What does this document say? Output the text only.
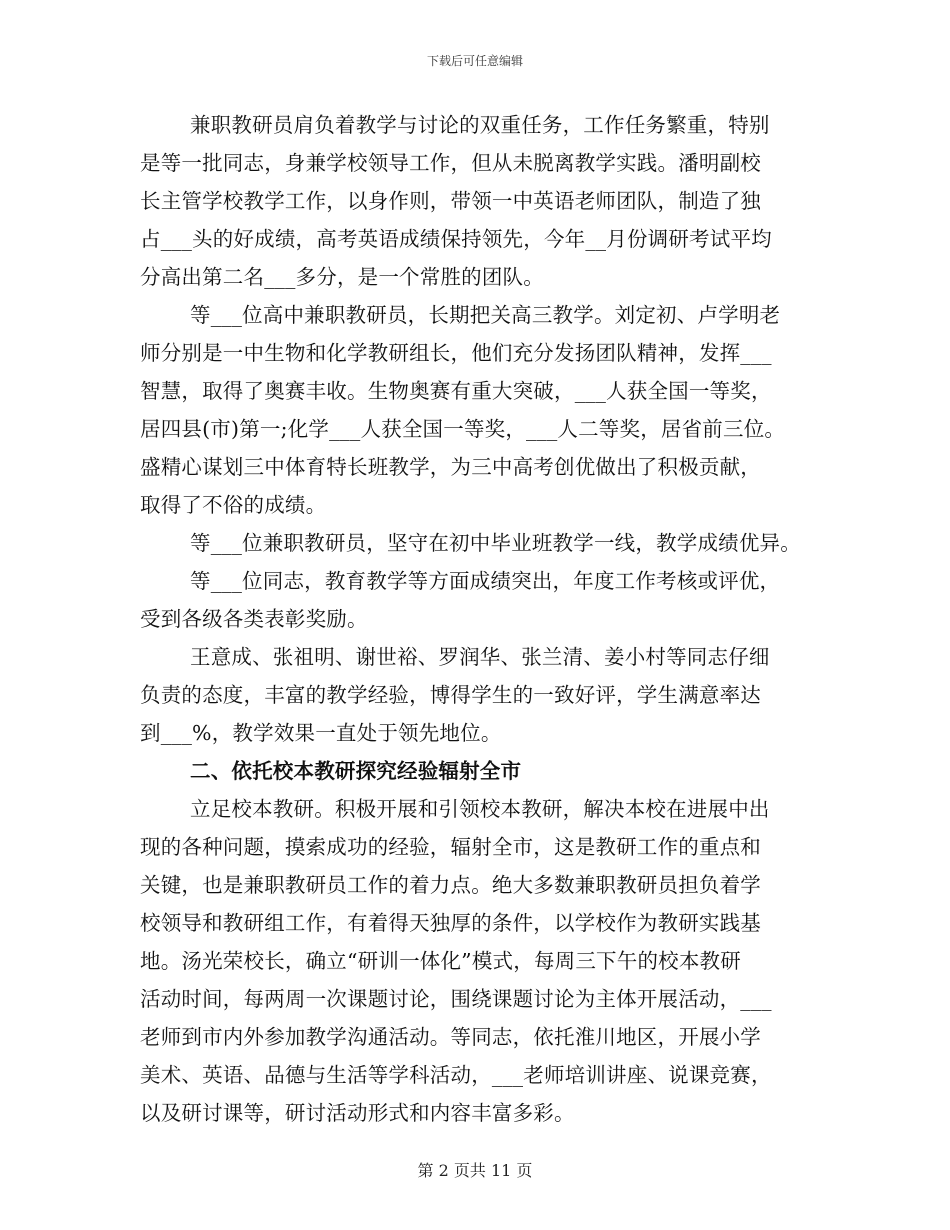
下载后可任意编辑
兼职教研员肩负着教学与讨论的双重任务，工作任务繁重，特别
是等一批同志，身兼学校领导工作，但从未脱离教学实践。潘明副校
长主管学校教学工作，以身作则，带领一中英语老师团队，制造了独
占___头的好成绩，高考英语成绩保持领先，今年__月份调研考试平均
分高出第二名___多分，是一个常胜的团队。
等___位高中兼职教研员，长期把关高三教学。刘定初、卢学明老
师分别是一中生物和化学教研组长，他们充分发扬团队精神，发挥___
智慧，取得了奥赛丰收。生物奥赛有重大突破，___人获全国一等奖，
居四县(市)第一;化学___人获全国一等奖，___人二等奖，居省前三位。
盛精心谋划三中体育特长班教学，为三中高考创优做出了积极贡献，
取得了不俗的成绩。
等___位兼职教研员，坚守在初中毕业班教学一线，教学成绩优异。
等___位同志，教育教学等方面成绩突出，年度工作考核或评优，
受到各级各类表彰奖励。
王意成、张祖明、谢世裕、罗润华、张兰清、姜小村等同志仔细
负责的态度，丰富的教学经验，博得学生的一致好评，学生满意率达
到___%，教学效果一直处于领先地位。
二、依托校本教研探究经验辐射全市
立足校本教研。积极开展和引领校本教研，解决本校在进展中出
现的各种问题，摸索成功的经验，辐射全市，这是教研工作的重点和
关键，也是兼职教研员工作的着力点。绝大多数兼职教研员担负着学
校领导和教研组工作，有着得天独厚的条件，以学校作为教研实践基
地。汤光荣校长，确立“研训一体化”模式，每周三下午的校本教研
活动时间，每两周一次课题讨论，围绕课题讨论为主体开展活动，___
老师到市内外参加教学沟通活动。等同志，依托淮川地区，开展小学
美术、英语、品德与生活等学科活动，___老师培训讲座、说课竞赛，
以及研讨课等，研讨活动形式和内容丰富多彩。
第 2 页共 11 页
